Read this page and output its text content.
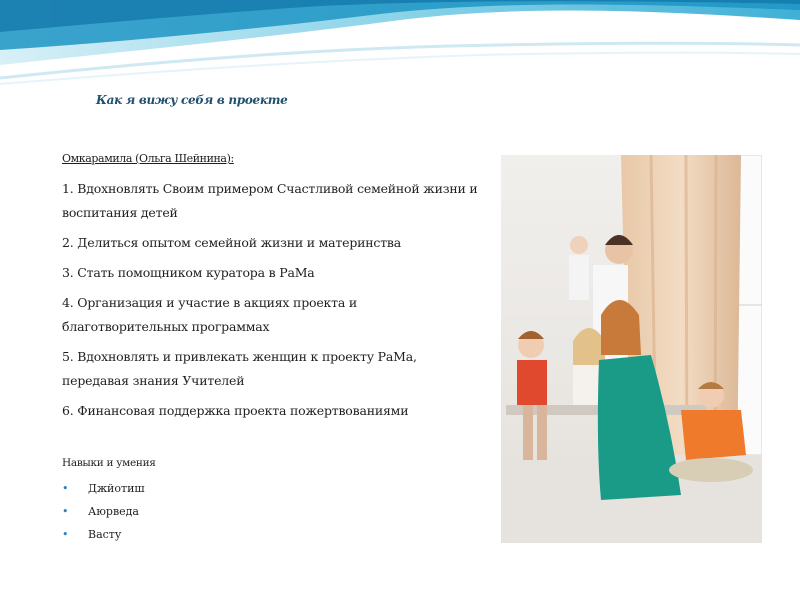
Как я вижу себя в проекте

Омкарамила (Ольга Шейнина):

1. Вдохновлять Своим примером Счастливой семейной жизни и воспитания детей

2. Делиться опытом семейной жизни и материнства

3. Стать помощником куратора в РаМа

4. Организация и участие в акциях проекта и благотворительных программах

5. Вдохновлять и привлекать женщин к проекту РаМа, передавая знания Учителей

6. Финансовая поддержка проекта пожертвованиями

Навыки и умения

• Джйотиш
• Аюрведа
• Васту
